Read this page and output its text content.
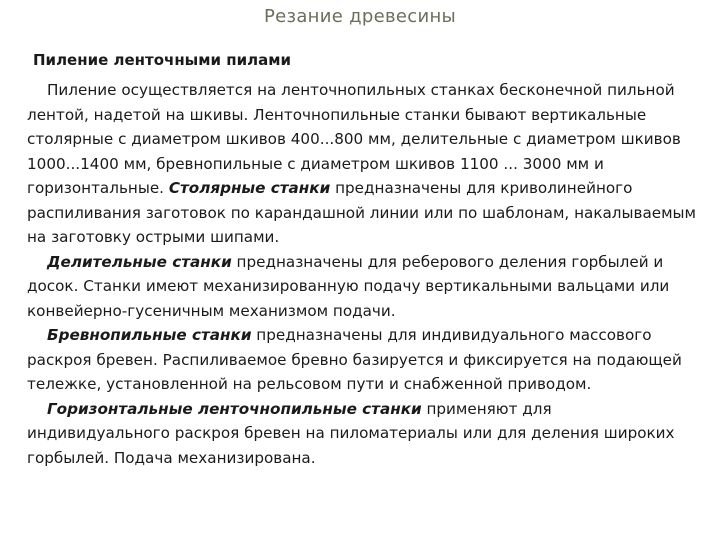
Резание древесины
Пиление ленточными пилами

Пиление осуществляется на ленточнопильных станках бесконечной пильной лентой, надетой на шкивы. Ленточнопильные станки бывают вертикальные столярные с диаметром шкивов 400...800 мм, делительные с диаметром шкивов 1000...1400 мм, бревнопильные с диаметром шкивов 1100 ... 3000 мм и горизонтальные. Столярные станки предназначены для криволинейного распиливания заготовок по карандашной линии или по шаблонам, накалываемым на заготовку острыми шипами.

Делительные станки предназначены для реберового деления горбылей и досок. Станки имеют механизированную подачу вертикальными вальцами или конвейерно-гусеничным механизмом подачи.

Бревнопильные станки предназначены для индивидуального массового раскроя бревен. Распиливаемое бревно базируется и фиксируется на подающей тележке, установленной на рельсовом пути и снабженной приводом.

Горизонтальные ленточнопильные станки применяют для индивидуального раскроя бревен на пиломатериалы или для деления широких горбылей. Подача механизирована.
